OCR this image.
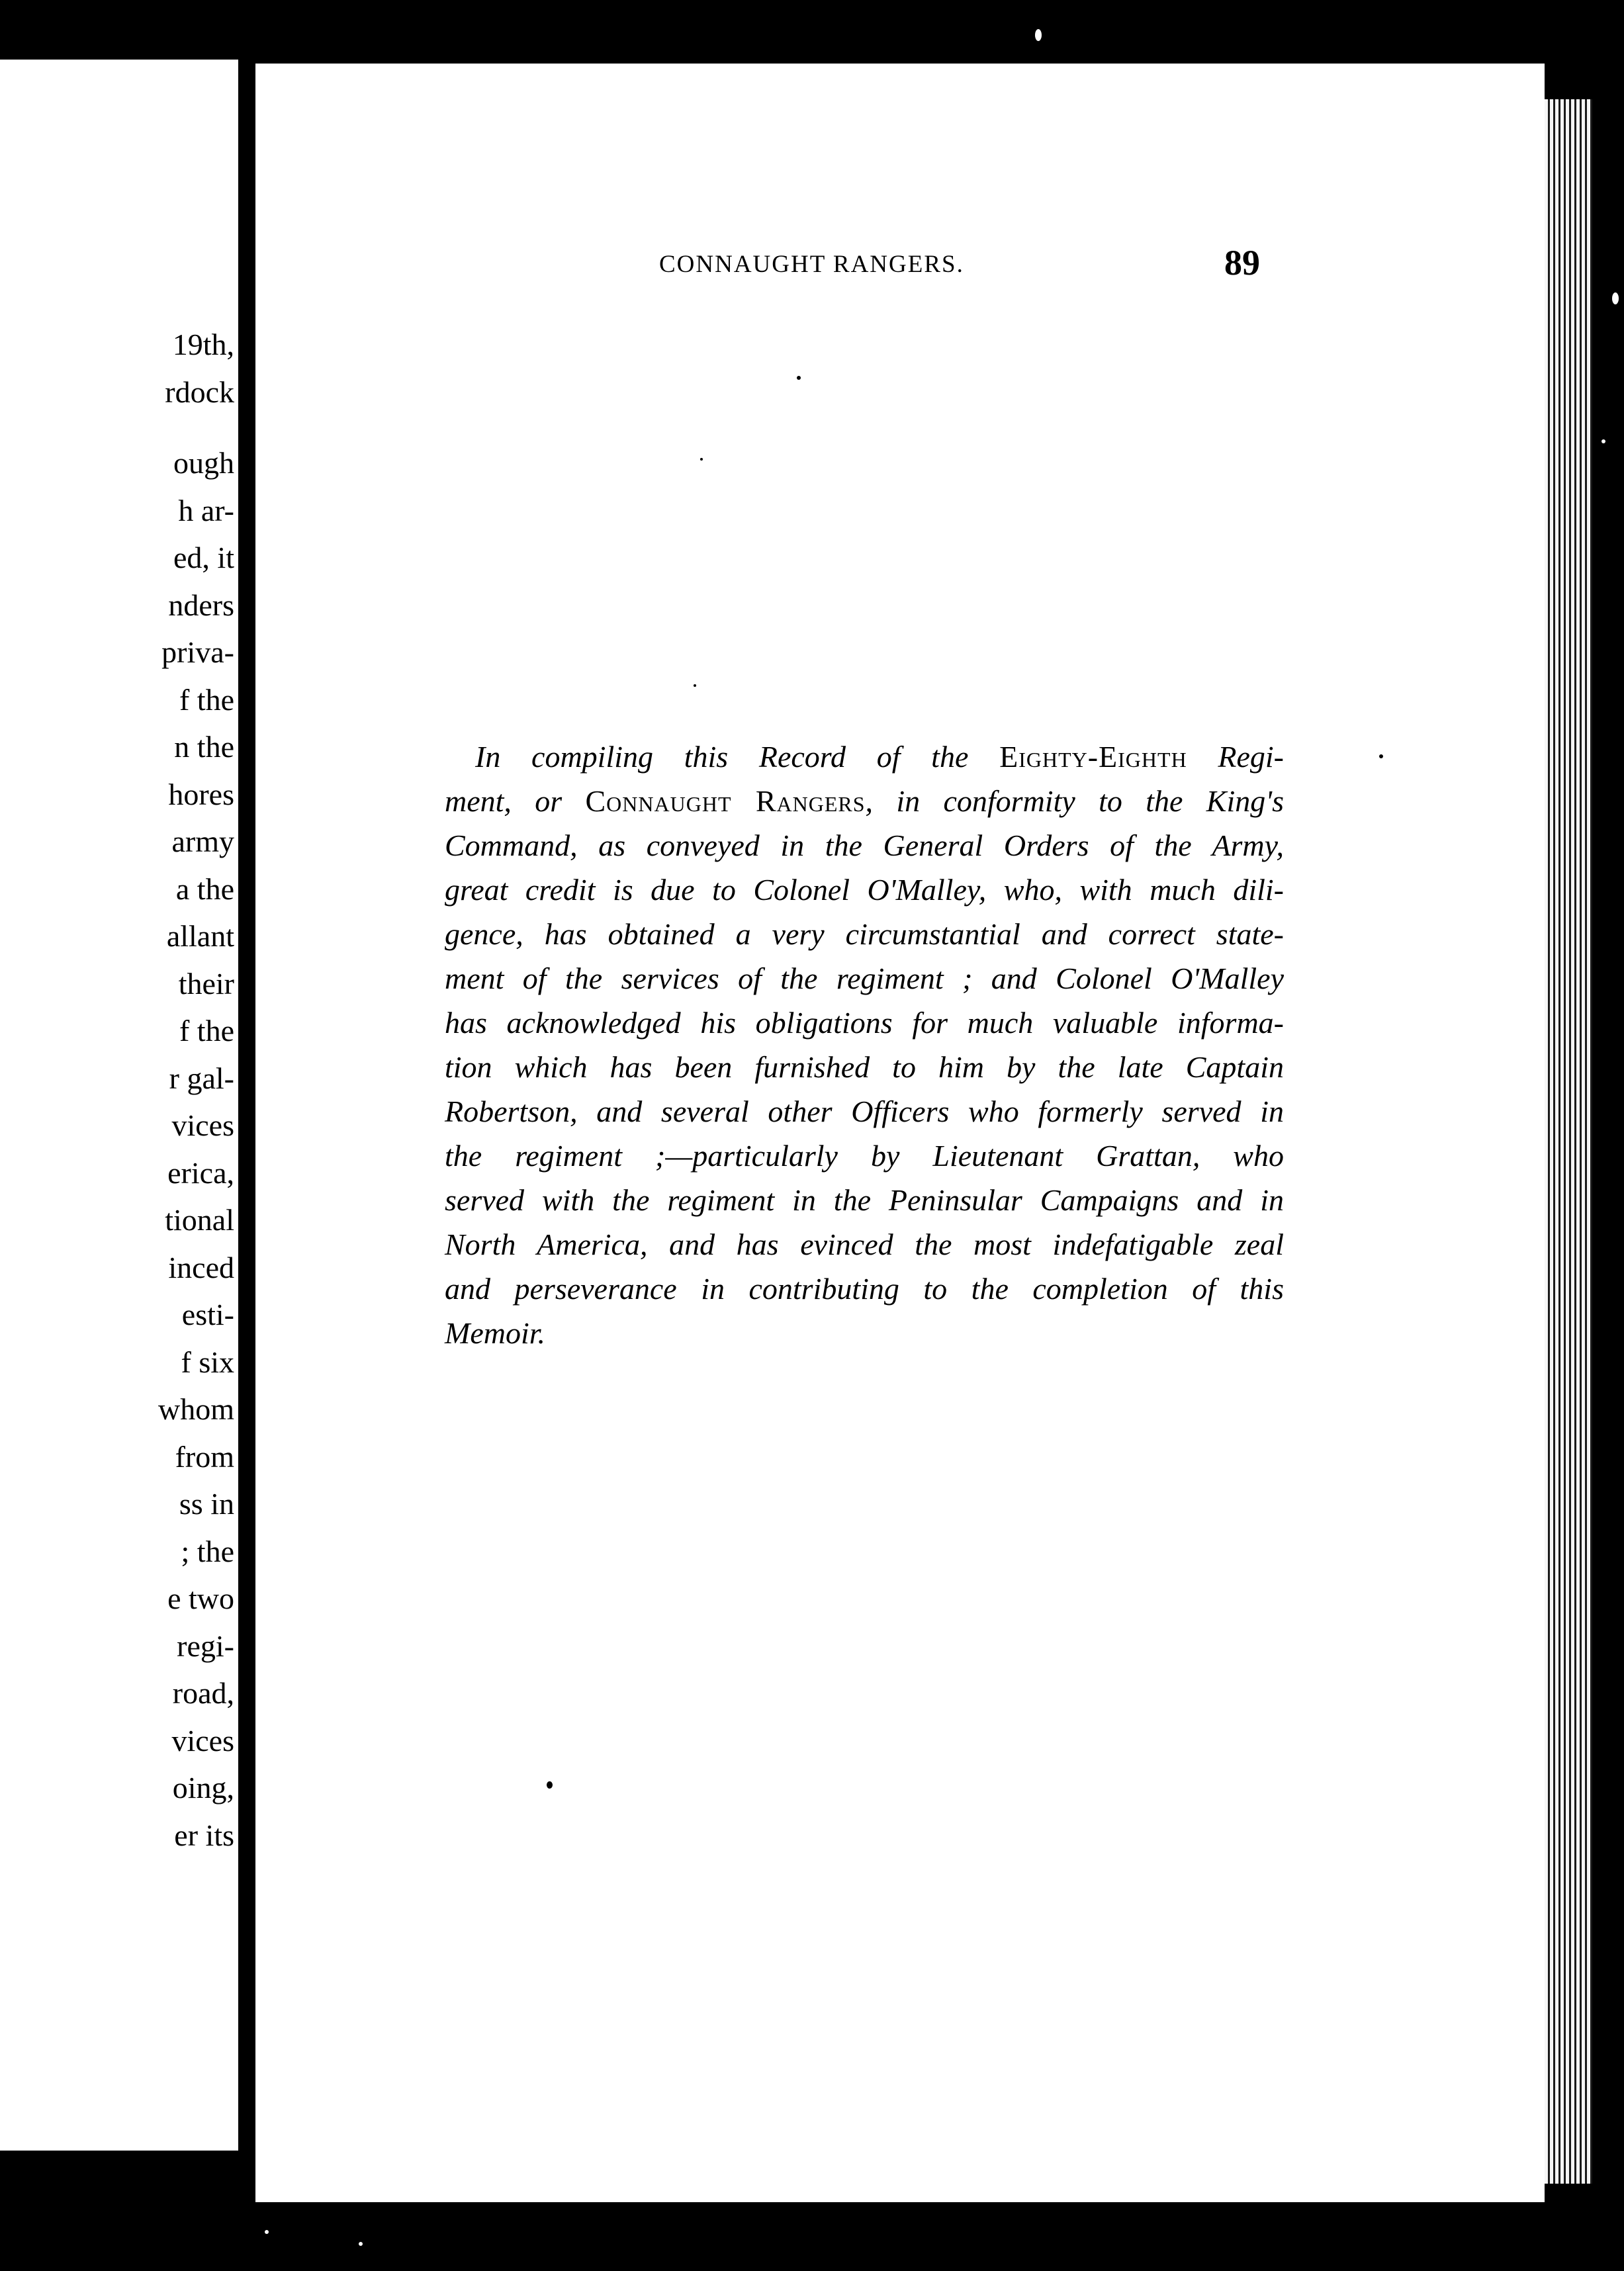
19th,
rdock
ough
h ar-
ed, it
nders
priva-
f the
n the
hores
army
a the
allant
their
f the
r gal-
vices
erica,
tional
inced
esti-
f six
whom
from
ss in
; the
e two
regi-
road,
vices
oing,
er its
CONNAUGHT RANGERS.	89
In compiling this Record of the Eighty-Eighth Regi-
ment, or Connaught Rangers, in conformity to the King's
Command, as conveyed in the General Orders of the Army,
great credit is due to Colonel O'Malley, who, with much dili-
gence, has obtained a very circumstantial and correct state-
ment of the services of the regiment ; and Colonel O'Malley
has acknowledged his obligations for much valuable informa-
tion which has been furnished to him by the late Captain
Robertson, and several other Officers who formerly served in
the regiment ;—particularly by Lieutenant Grattan, who
served with the regiment in the Peninsular Campaigns and in
North America, and has evinced the most indefatigable zeal
and perseverance in contributing to the completion of this
Memoir.
